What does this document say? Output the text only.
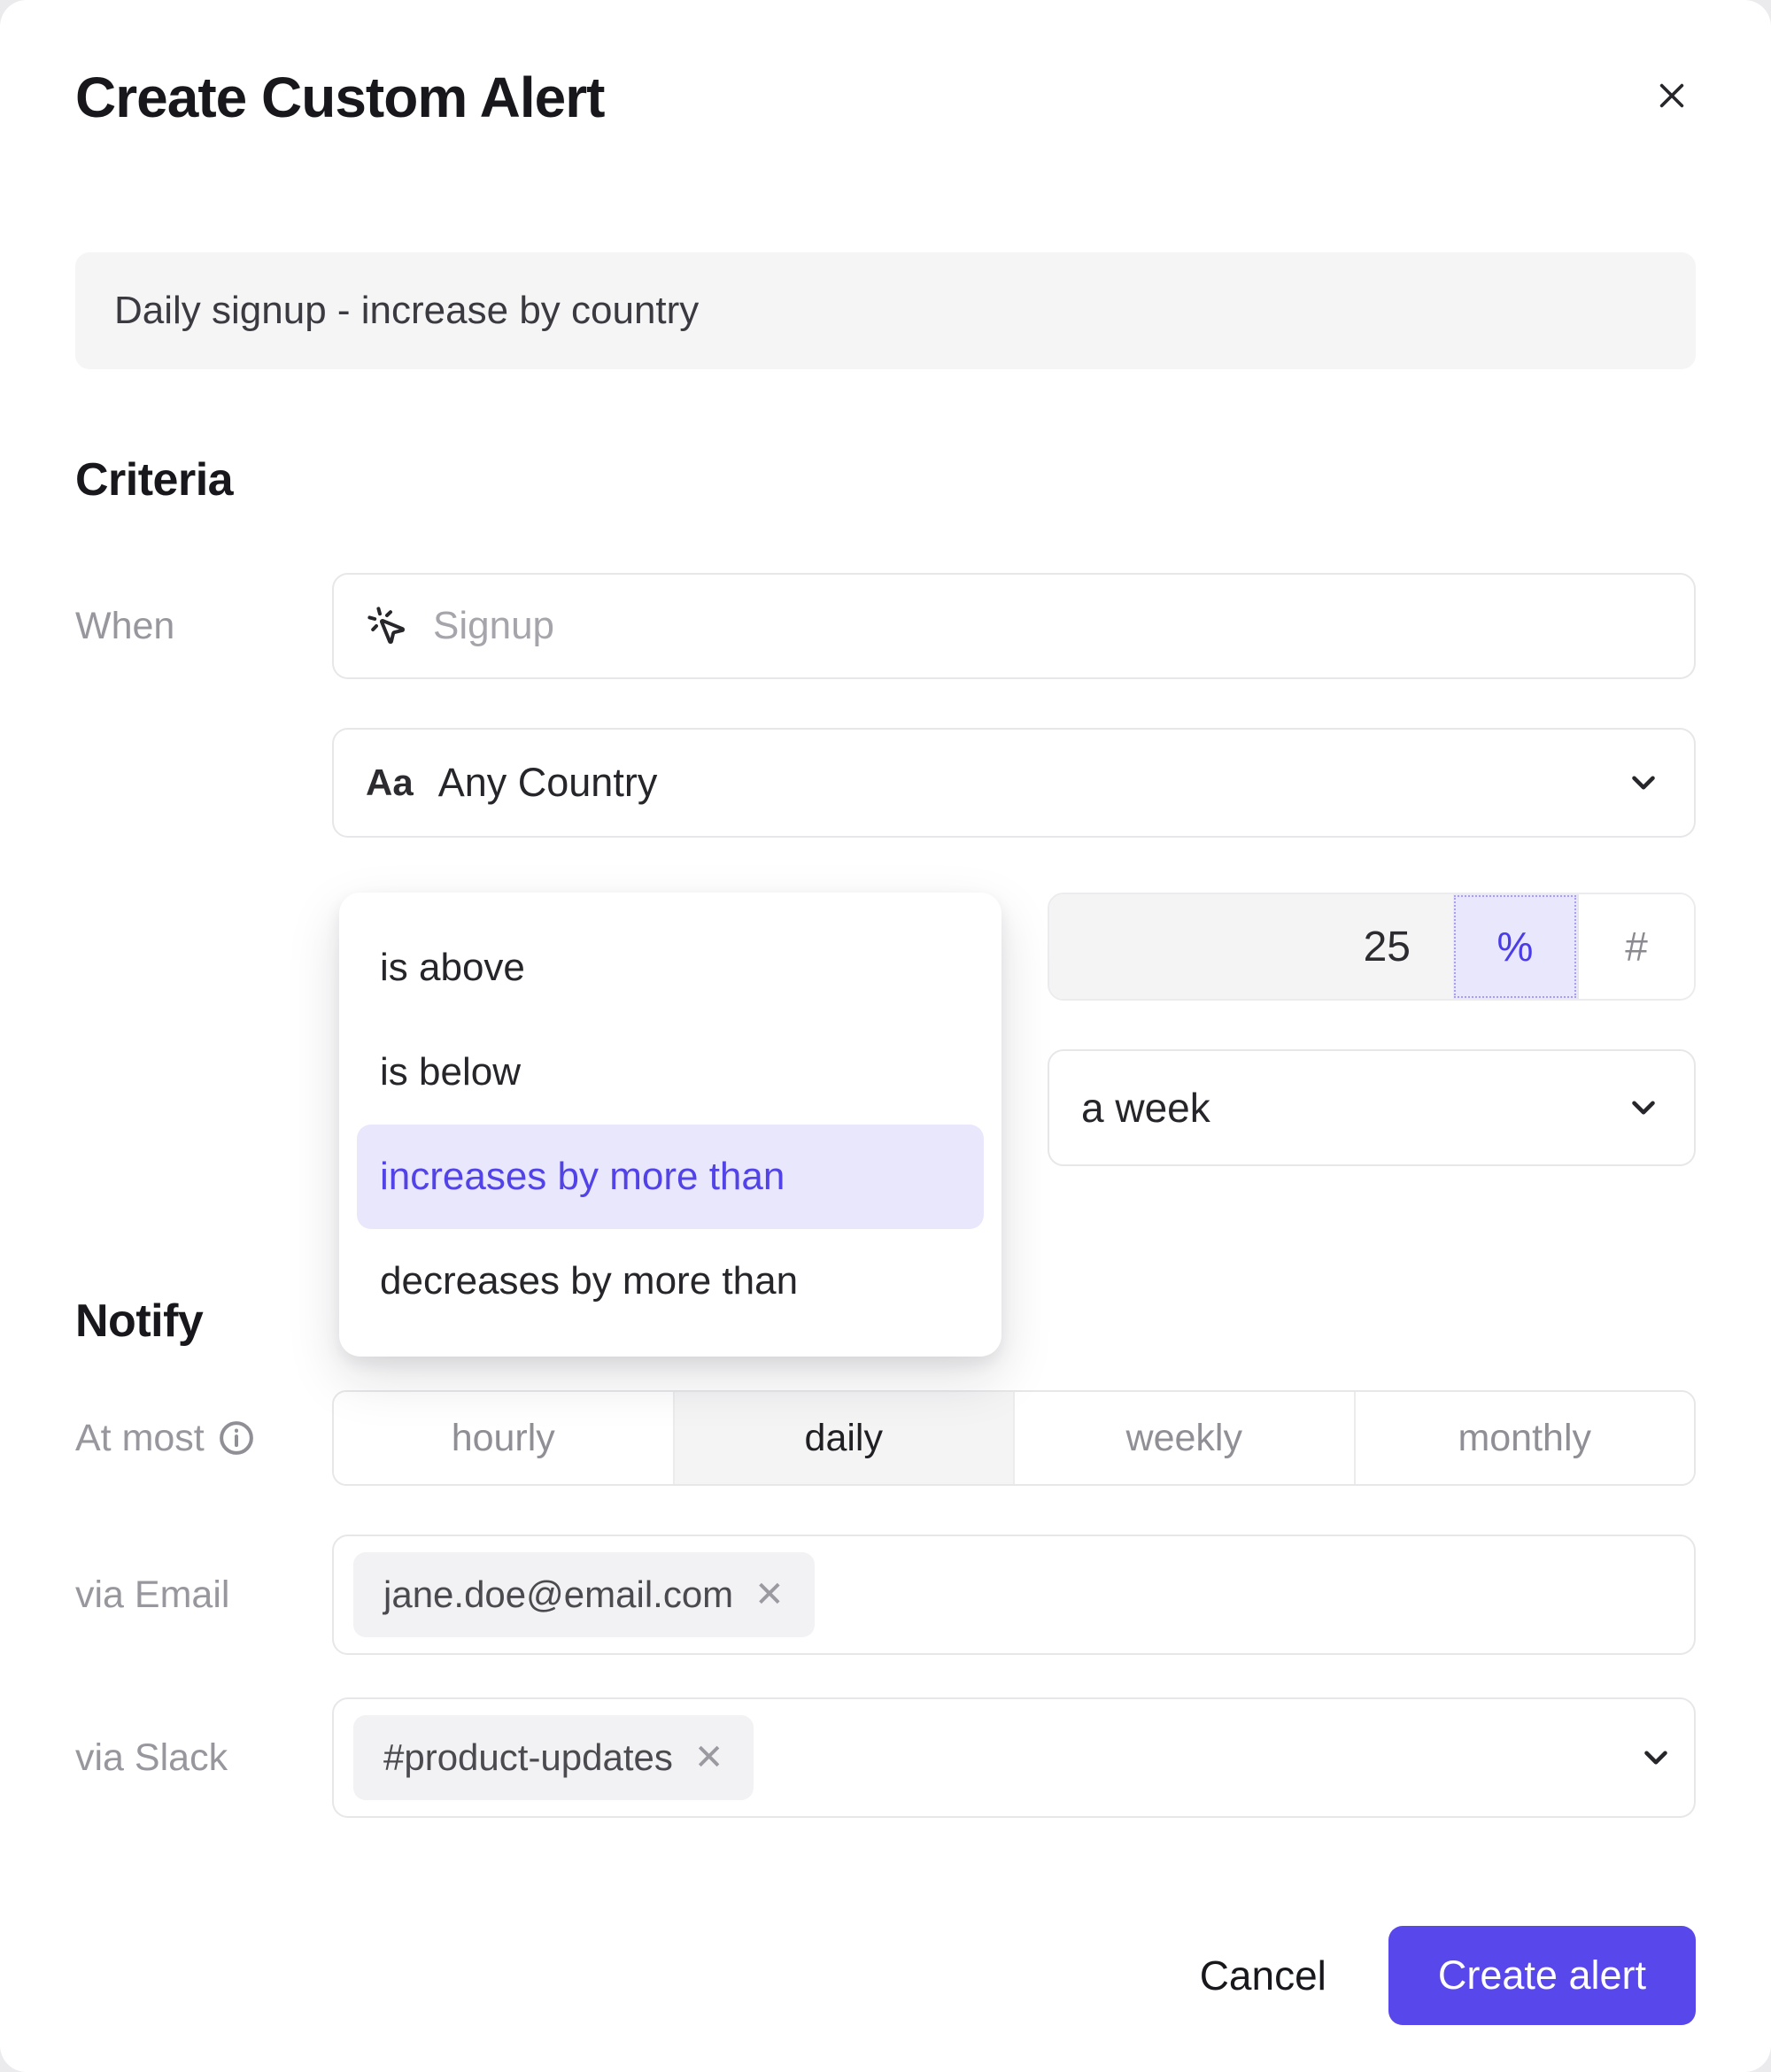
Create Custom Alert
Daily signup - increase by country
Criteria
When
Signup
Aa Any Country
is above
is below
increases by more than
decreases by more than
25	%	#
a week
Notify
At most	hourly	daily	weekly	monthly
via Email	jane.doe@email.com ✕
via Slack	#product-updates ✕
Cancel	Create alert
